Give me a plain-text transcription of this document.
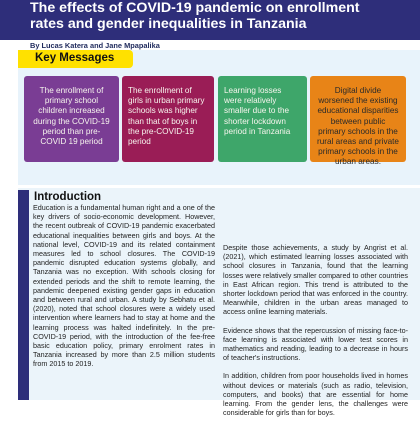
The effects of COVID-19 pandemic on enrollment rates and gender inequalities in Tanzania
By Lucas Katera and Jane Mpapalika
Key Messages
The enrollment of primary school children increased during the COVID-19 period than pre-COVID 19 period
The enrollment of girls in urban primary schools was higher than that of boys in the pre-COVID-19 period
Learning losses were relatively smaller due to the shorter lockdown period in Tanzania
Digital divide worsened the existing educational disparities between public primary schools in the rural areas and private primary schools in the urban areas.
Introduction

Education is a fundamental human right and a one of the key drivers of socio-economic development. However, the recent outbreak of COVID-19 pandemic exacerbated educational inequalities between girls and boys. At the national level, COVID-19 and its related containment measures led to school closures. The COVID-19 pandemic disrupted education systems globally, and Tanzania was no exception. With schools closing for extended periods and the shift to remote learning, the pandemic deepened existing gender gaps in education and between rural and urban. A study by Sebhatu et al. (2020), noted that school closures were a widely used intervention where learners had to stay at home and the learning process was halted indefinitely. In the pre-COVID-19 period, with the introduction of the fee-free basic education policy, primary enrolment rates in Tanzania increased by more than 2.5 million students from 2015 to 2019.

Despite those achievements, a study by Angrist et al. (2021), which estimated learning losses associated with school closures in Tanzania, found that the learning losses were relatively smaller compared to other countries in East African region. This trend is attributed to the shorter lockdown period that was enforced in the country. Meanwhile, children in the urban areas managed to access online learning materials.

Evidence shows that the repercussion of missing face-to-face learning is associated with lower test scores in mathematics and reading, leading to a decrease in hours of teacher's instructions.

In addition, children from poor households lived in homes without devices or materials (such as radio, television, computers, and books) that are essential for home learning. From the gender lens, the challenges were considerable for girls than for boys.
